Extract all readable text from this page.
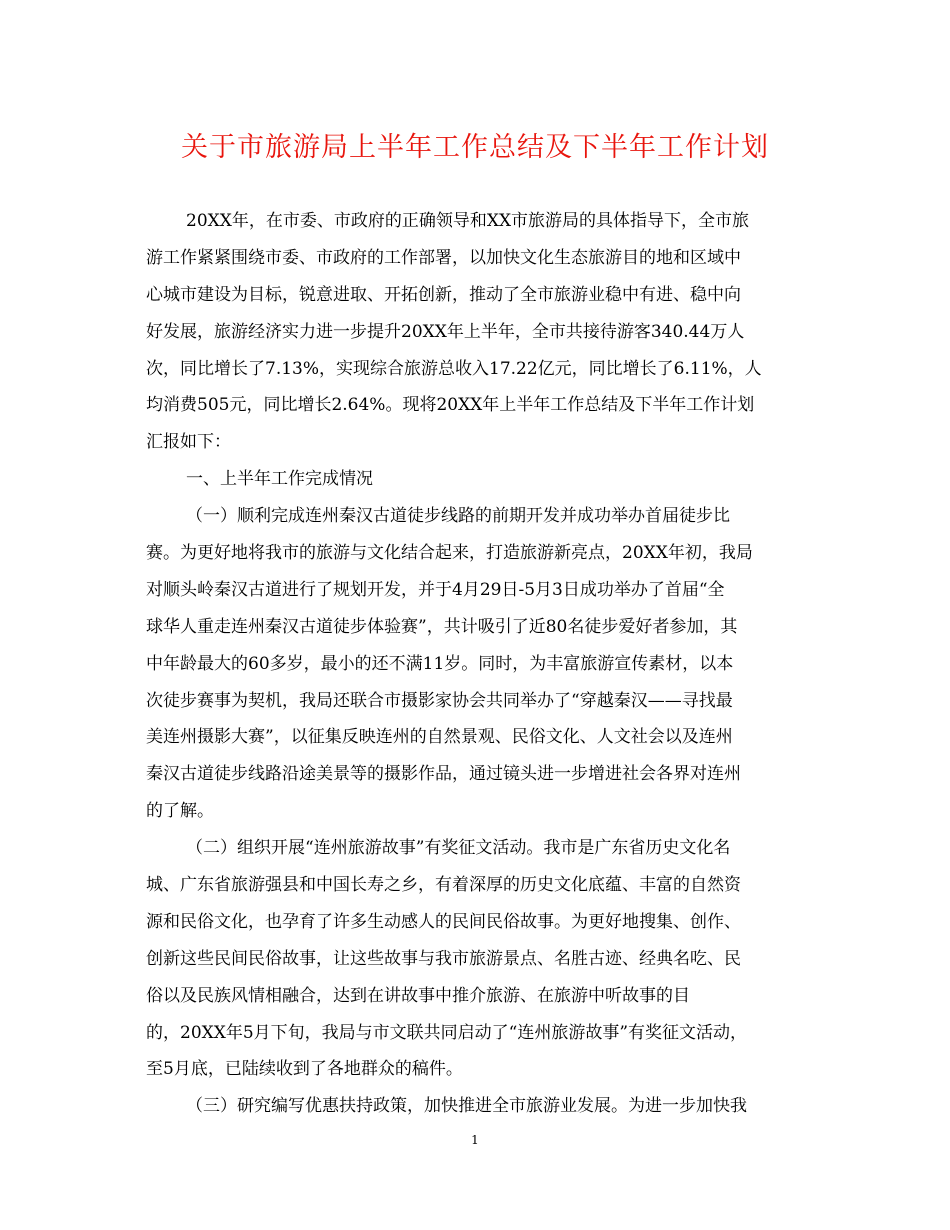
关于市旅游局上半年工作总结及下半年工作计划
20XX年，在市委、市政府的正确领导和XX市旅游局的具体指导下，全市旅
游工作紧紧围绕市委、市政府的工作部署，以加快文化生态旅游目的地和区域中
心城市建设为目标，锐意进取、开拓创新，推动了全市旅游业稳中有进、稳中向
好发展，旅游经济实力进一步提升20XX年上半年，全市共接待游客340.44万人
次，同比增长了7.13%，实现综合旅游总收入17.22亿元，同比增长了6.11%，人
均消费505元，同比增长2.64%。现将20XX年上半年工作总结及下半年工作计划
汇报如下：
一、上半年工作完成情况
（一）顺利完成连州秦汉古道徒步线路的前期开发并成功举办首届徒步比
赛。为更好地将我市的旅游与文化结合起来，打造旅游新亮点，20XX年初，我局
对顺头岭秦汉古道进行了规划开发，并于4月29日-5月3日成功举办了首届“全
球华人重走连州秦汉古道徒步体验赛”，共计吸引了近80名徒步爱好者参加，其
中年龄最大的60多岁，最小的还不满11岁。同时，为丰富旅游宣传素材，以本
次徒步赛事为契机，我局还联合市摄影家协会共同举办了“穿越秦汉——寻找最
美连州摄影大赛”，以征集反映连州的自然景观、民俗文化、人文社会以及连州
秦汉古道徒步线路沿途美景等的摄影作品，通过镜头进一步增进社会各界对连州
的了解。
（二）组织开展“连州旅游故事”有奖征文活动。我市是广东省历史文化名
城、广东省旅游强县和中国长寿之乡，有着深厚的历史文化底蕴、丰富的自然资
源和民俗文化，也孕育了许多生动感人的民间民俗故事。为更好地搜集、创作、
创新这些民间民俗故事，让这些故事与我市旅游景点、名胜古迹、经典名吃、民
俗以及民族风情相融合，达到在讲故事中推介旅游、在旅游中听故事的目
的，20XX年5月下旬，我局与市文联共同启动了“连州旅游故事”有奖征文活动，
至5月底，已陆续收到了各地群众的稿件。
（三）研究编写优惠扶持政策，加快推进全市旅游业发展。为进一步加快我
1
